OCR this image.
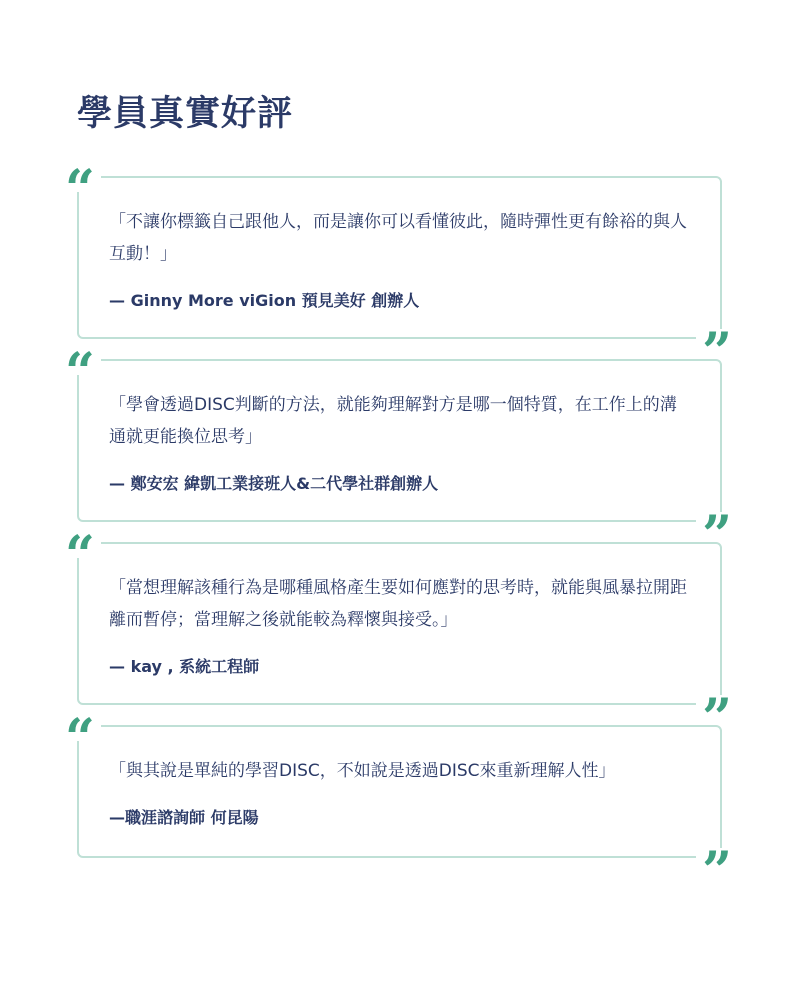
學員真實好評
“

「不讓你標籤自己跟他人，而是讓你可以看懂彼此，隨時彈性更有餘裕的與人互動！」

— Ginny More viGion 預見美好 創辦人

”
“

「學會透過DISC判斷的方法，就能夠理解對方是哪一個特質，在工作上的溝通就更能換位思考」

— 鄭安宏 緯凱工業接班人&二代學社群創辦人

”
“

「當想理解該種行為是哪種風格產生要如何應對的思考時，就能與風暴拉開距離而暫停；當理解之後就能較為釋懷與接受。」

— kay , 系統工程師

”
“

「與其說是單純的學習DISC，不如說是透過DISC來重新理解人性」

—職涯諮詢師 何昆陽

”
